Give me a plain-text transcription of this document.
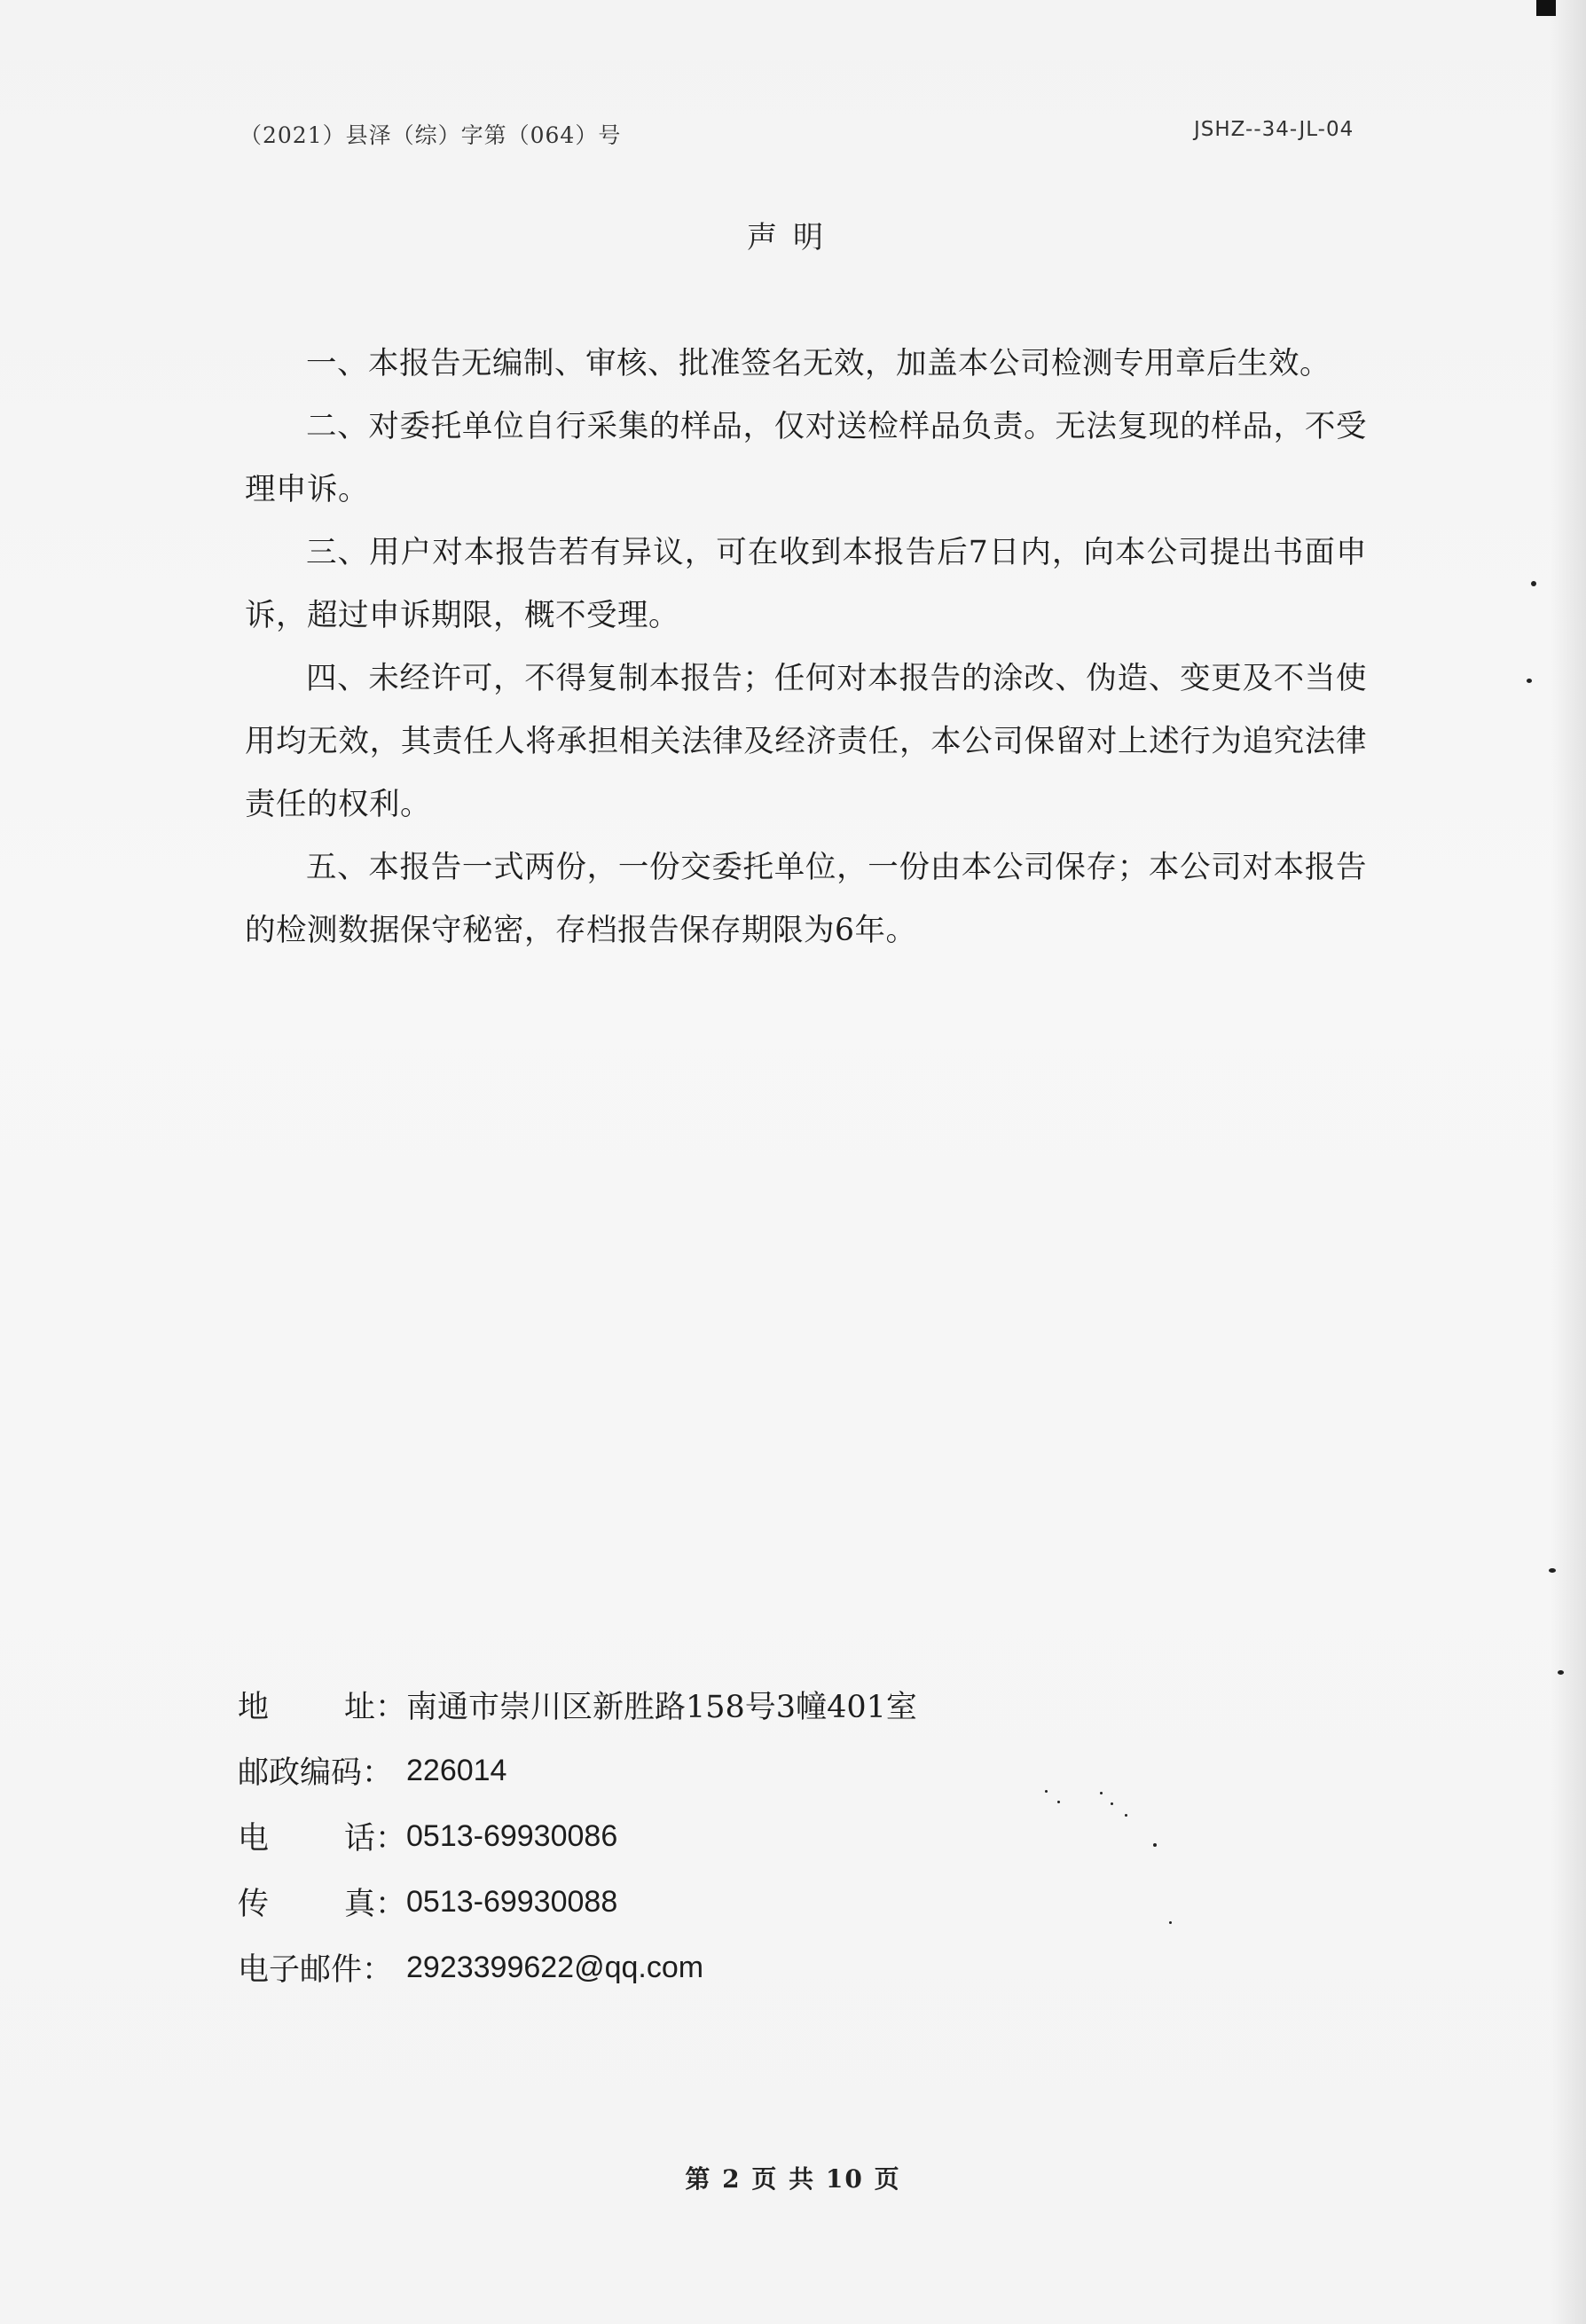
（2021）县泽（综）字第（064）号	JSHZ--34-JL-04
声明

一、本报告无编制、审核、批准签名无效，加盖本公司检测专用章后生效。

二、对委托单位自行采集的样品，仅对送检样品负责。无法复现的样品，不受理申诉。

三、用户对本报告若有异议，可在收到本报告后7日内，向本公司提出书面申诉，超过申诉期限，概不受理。

四、未经许可，不得复制本报告；任何对本报告的涂改、伪造、变更及不当使用均无效，其责任人将承担相关法律及经济责任，本公司保留对上述行为追究法律责任的权利。

五、本报告一式两份，一份交委托单位，一份由本公司保存；本公司对本报告的检测数据保守秘密，存档报告保存期限为6年。

地 址： 南通市崇川区新胜路158号3幢401室
邮政编码： 226014
电 话： 0513-69930086
传 真： 0513-69930088
电子邮件： 2923399622@qq.com
第 2 页 共 10 页
